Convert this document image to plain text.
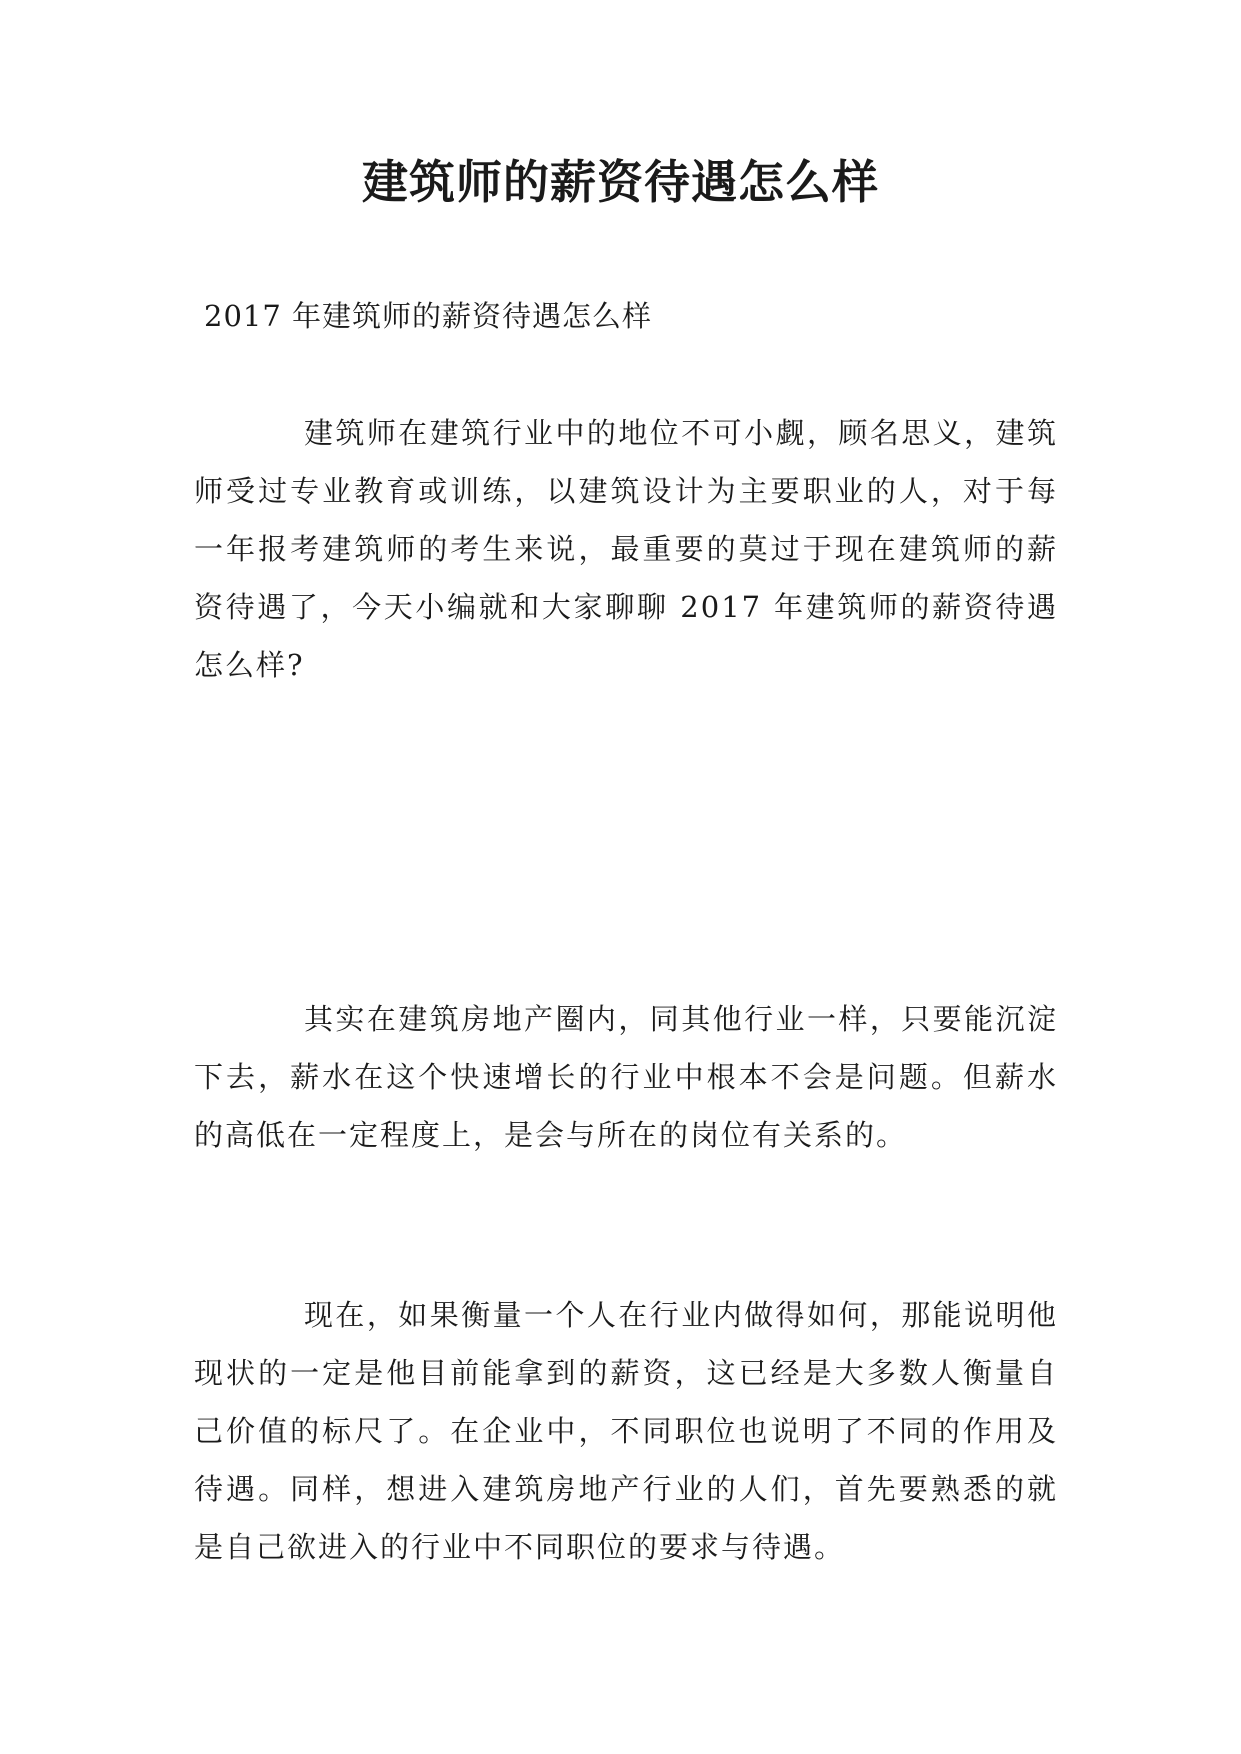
建筑师的薪资待遇怎么样

2017 年建筑师的薪资待遇怎么样

建筑师在建筑行业中的地位不可小觑，顾名思义，建筑师受过专业教育或训练，以建筑设计为主要职业的人，对于每一年报考建筑师的考生来说，最重要的莫过于现在建筑师的薪资待遇了，今天小编就和大家聊聊 2017 年建筑师的薪资待遇怎么样?

其实在建筑房地产圈内，同其他行业一样，只要能沉淀下去，薪水在这个快速增长的行业中根本不会是问题。但薪水的高低在一定程度上，是会与所在的岗位有关系的。

现在，如果衡量一个人在行业内做得如何，那能说明他现状的一定是他目前能拿到的薪资，这已经是大多数人衡量自己价值的标尺了。在企业中，不同职位也说明了不同的作用及待遇。同样，想进入建筑房地产行业的人们，首先要熟悉的就是自己欲进入的行业中不同职位的要求与待遇。
